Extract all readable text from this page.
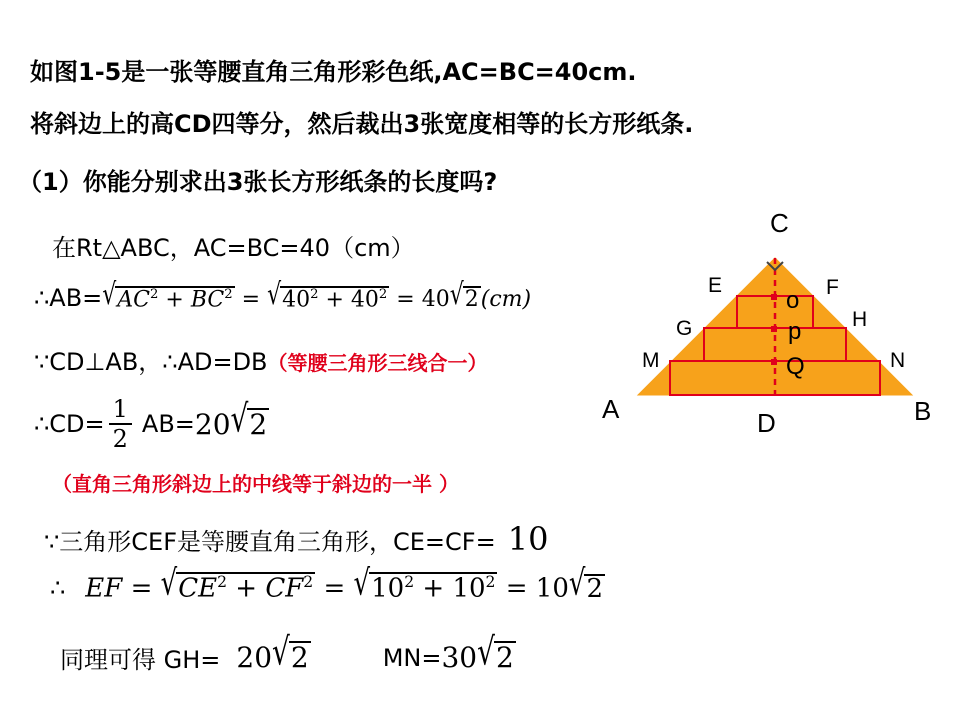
如图1-5是一张等腰直角三角形彩色纸,AC=BC=40cm.
将斜边上的高CD四等分，然后裁出3张宽度相等的长方形纸条.
（1）你能分别求出3张长方形纸条的长度吗?
在Rt△ABC，AC=BC=40（cm）
$\therefore AB=√AC^2 + BC^2 = √40^2 + 40^2 = 40√2(cm)$
∵CD⊥AB，∴AD=DB（等腰三角形三线合一）
∴CD= $\frac{1}{2} AB= 20√2$
（直角三角形斜边上的中线等于斜边的一半 ）
∵三角形CEF是等腰直角三角形，CE=CF= 10
∴ EF = $√CE^2 + CF^2 = √10^2 + 10^2 = 10√2$
同理可得 GH= 20√2	MN= 30√2
C
A	B
D
E	F
G	H
M	N
o
p
Q
